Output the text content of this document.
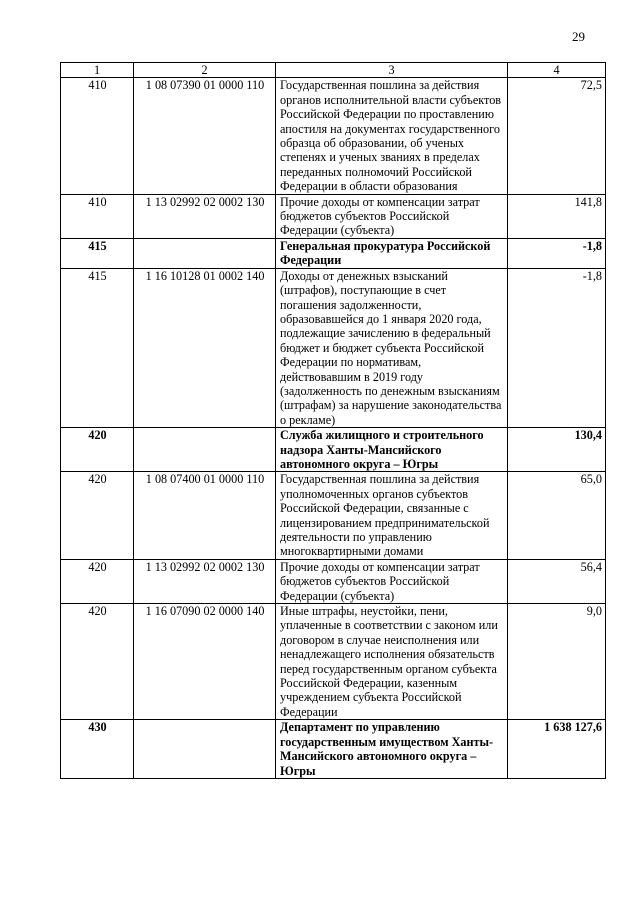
29
1	2	3	4
410	1 08 07390 01 0000 110	Государственная пошлина за действия органов исполнительной власти субъектов Российской Федерации по проставлению апостиля на документах государственного образца об образовании, об ученых степенях и ученых званиях в пределах переданных полномочий Российской Федерации в области образования	72,5
410	1 13 02992 02 0002 130	Прочие доходы от компенсации затрат бюджетов субъектов Российской Федерации (субъекта)	141,8
415		Генеральная прокуратура Российской Федерации	-1,8
415	1 16 10128 01 0002 140	Доходы от денежных взысканий (штрафов), поступающие в счет погашения задолженности, образовавшейся до 1 января 2020 года, подлежащие зачислению в федеральный бюджет и бюджет субъекта Российской Федерации по нормативам, действовавшим в 2019 году (задолженность по денежным взысканиям (штрафам) за нарушение законодательства о рекламе)	-1,8
420		Служба жилищного и строительного надзора Ханты-Мансийского автономного округа – Югры	130,4
420	1 08 07400 01 0000 110	Государственная пошлина за действия уполномоченных органов субъектов Российской Федерации, связанные с лицензированием предпринимательской деятельности по управлению многоквартирными домами	65,0
420	1 13 02992 02 0002 130	Прочие доходы от компенсации затрат бюджетов субъектов Российской Федерации (субъекта)	56,4
420	1 16 07090 02 0000 140	Иные штрафы, неустойки, пени, уплаченные в соответствии с законом или договором в случае неисполнения или ненадлежащего исполнения обязательств перед государственным органом субъекта Российской Федерации, казенным учреждением субъекта Российской Федерации	9,0
430		Департамент по управлению государственным имуществом Ханты-Мансийского автономного округа – Югры	1 638 127,6
